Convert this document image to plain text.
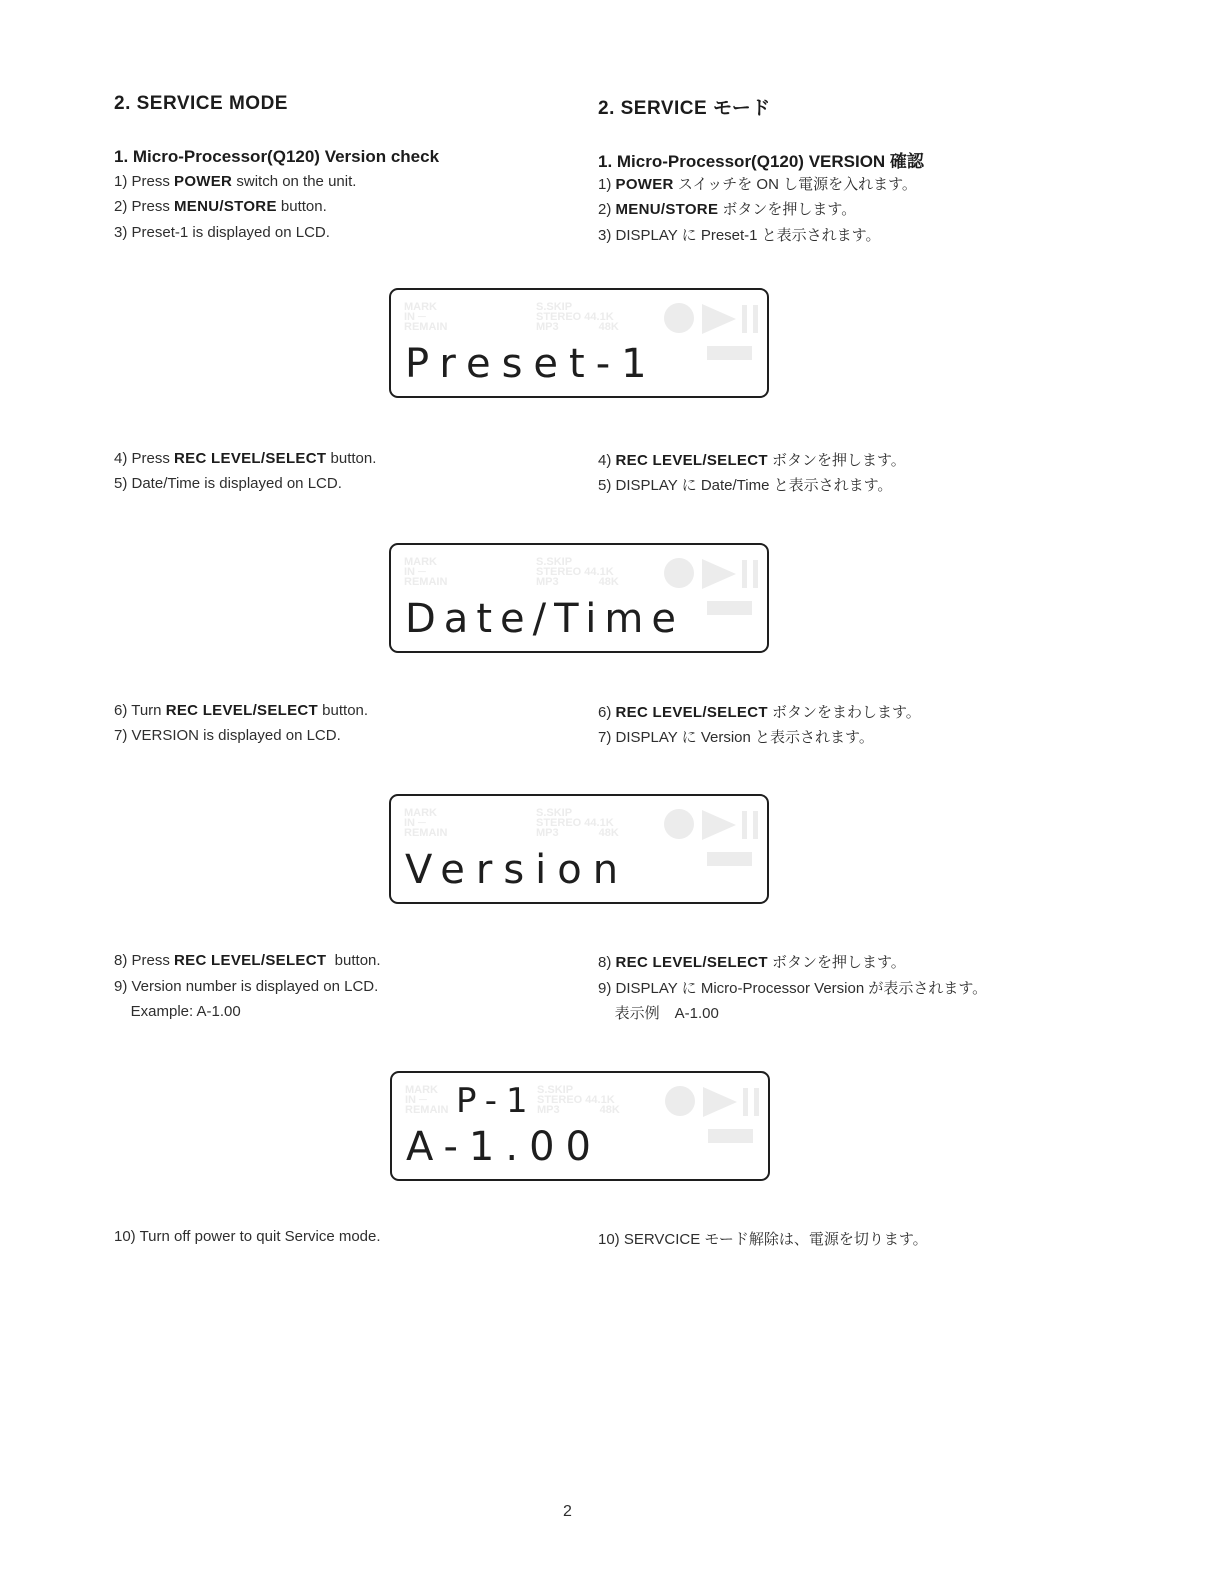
2. SERVICE MODE
1. Micro-Processor(Q120) Version check
1) Press POWER switch on the unit.
2) Press MENU/STORE button.
3) Preset-1 is displayed on LCD.
4) Press REC LEVEL/SELECT button.
5) Date/Time is displayed on LCD.
6) Turn REC LEVEL/SELECT button.
7) VERSION is displayed on LCD.
8) Press REC LEVEL/SELECT  button.
9) Version number is displayed on LCD.
Example: A-1.00
10) Turn off power to quit Service mode.
2. SERVICE モード
1. Micro-Processor(Q120) VERSION 確認
1) POWER スイッチを ON し電源を入れます。
2) MENU/STORE ボタンを押します。
3) DISPLAY に Preset-1 と表示されます。
4) REC LEVEL/SELECT ボタンを押します。
5) DISPLAY に Date/Time と表示されます。
6) REC LEVEL/SELECT ボタンをまわします。
7) DISPLAY に Version と表示されます。
8) REC LEVEL/SELECT ボタンを押します。
9) DISPLAY に Micro-Processor Version が表示されます。
表示例　A-1.00
10) SERVCICE モード解除は、電源を切ります。
MARK
IN ─
REMAIN
S.SKIP
STEREO 44.1K
MP3	48K
Preset-1
MARK
IN ─
REMAIN
S.SKIP
STEREO 44.1K
MP3	48K
Date/Time
MARK
IN ─
REMAIN
S.SKIP
STEREO 44.1K
MP3	48K
Version
MARK
IN ─
REMAIN
S.SKIP
STEREO 44.1K
MP3	48K
P-1
A-1.00
2
